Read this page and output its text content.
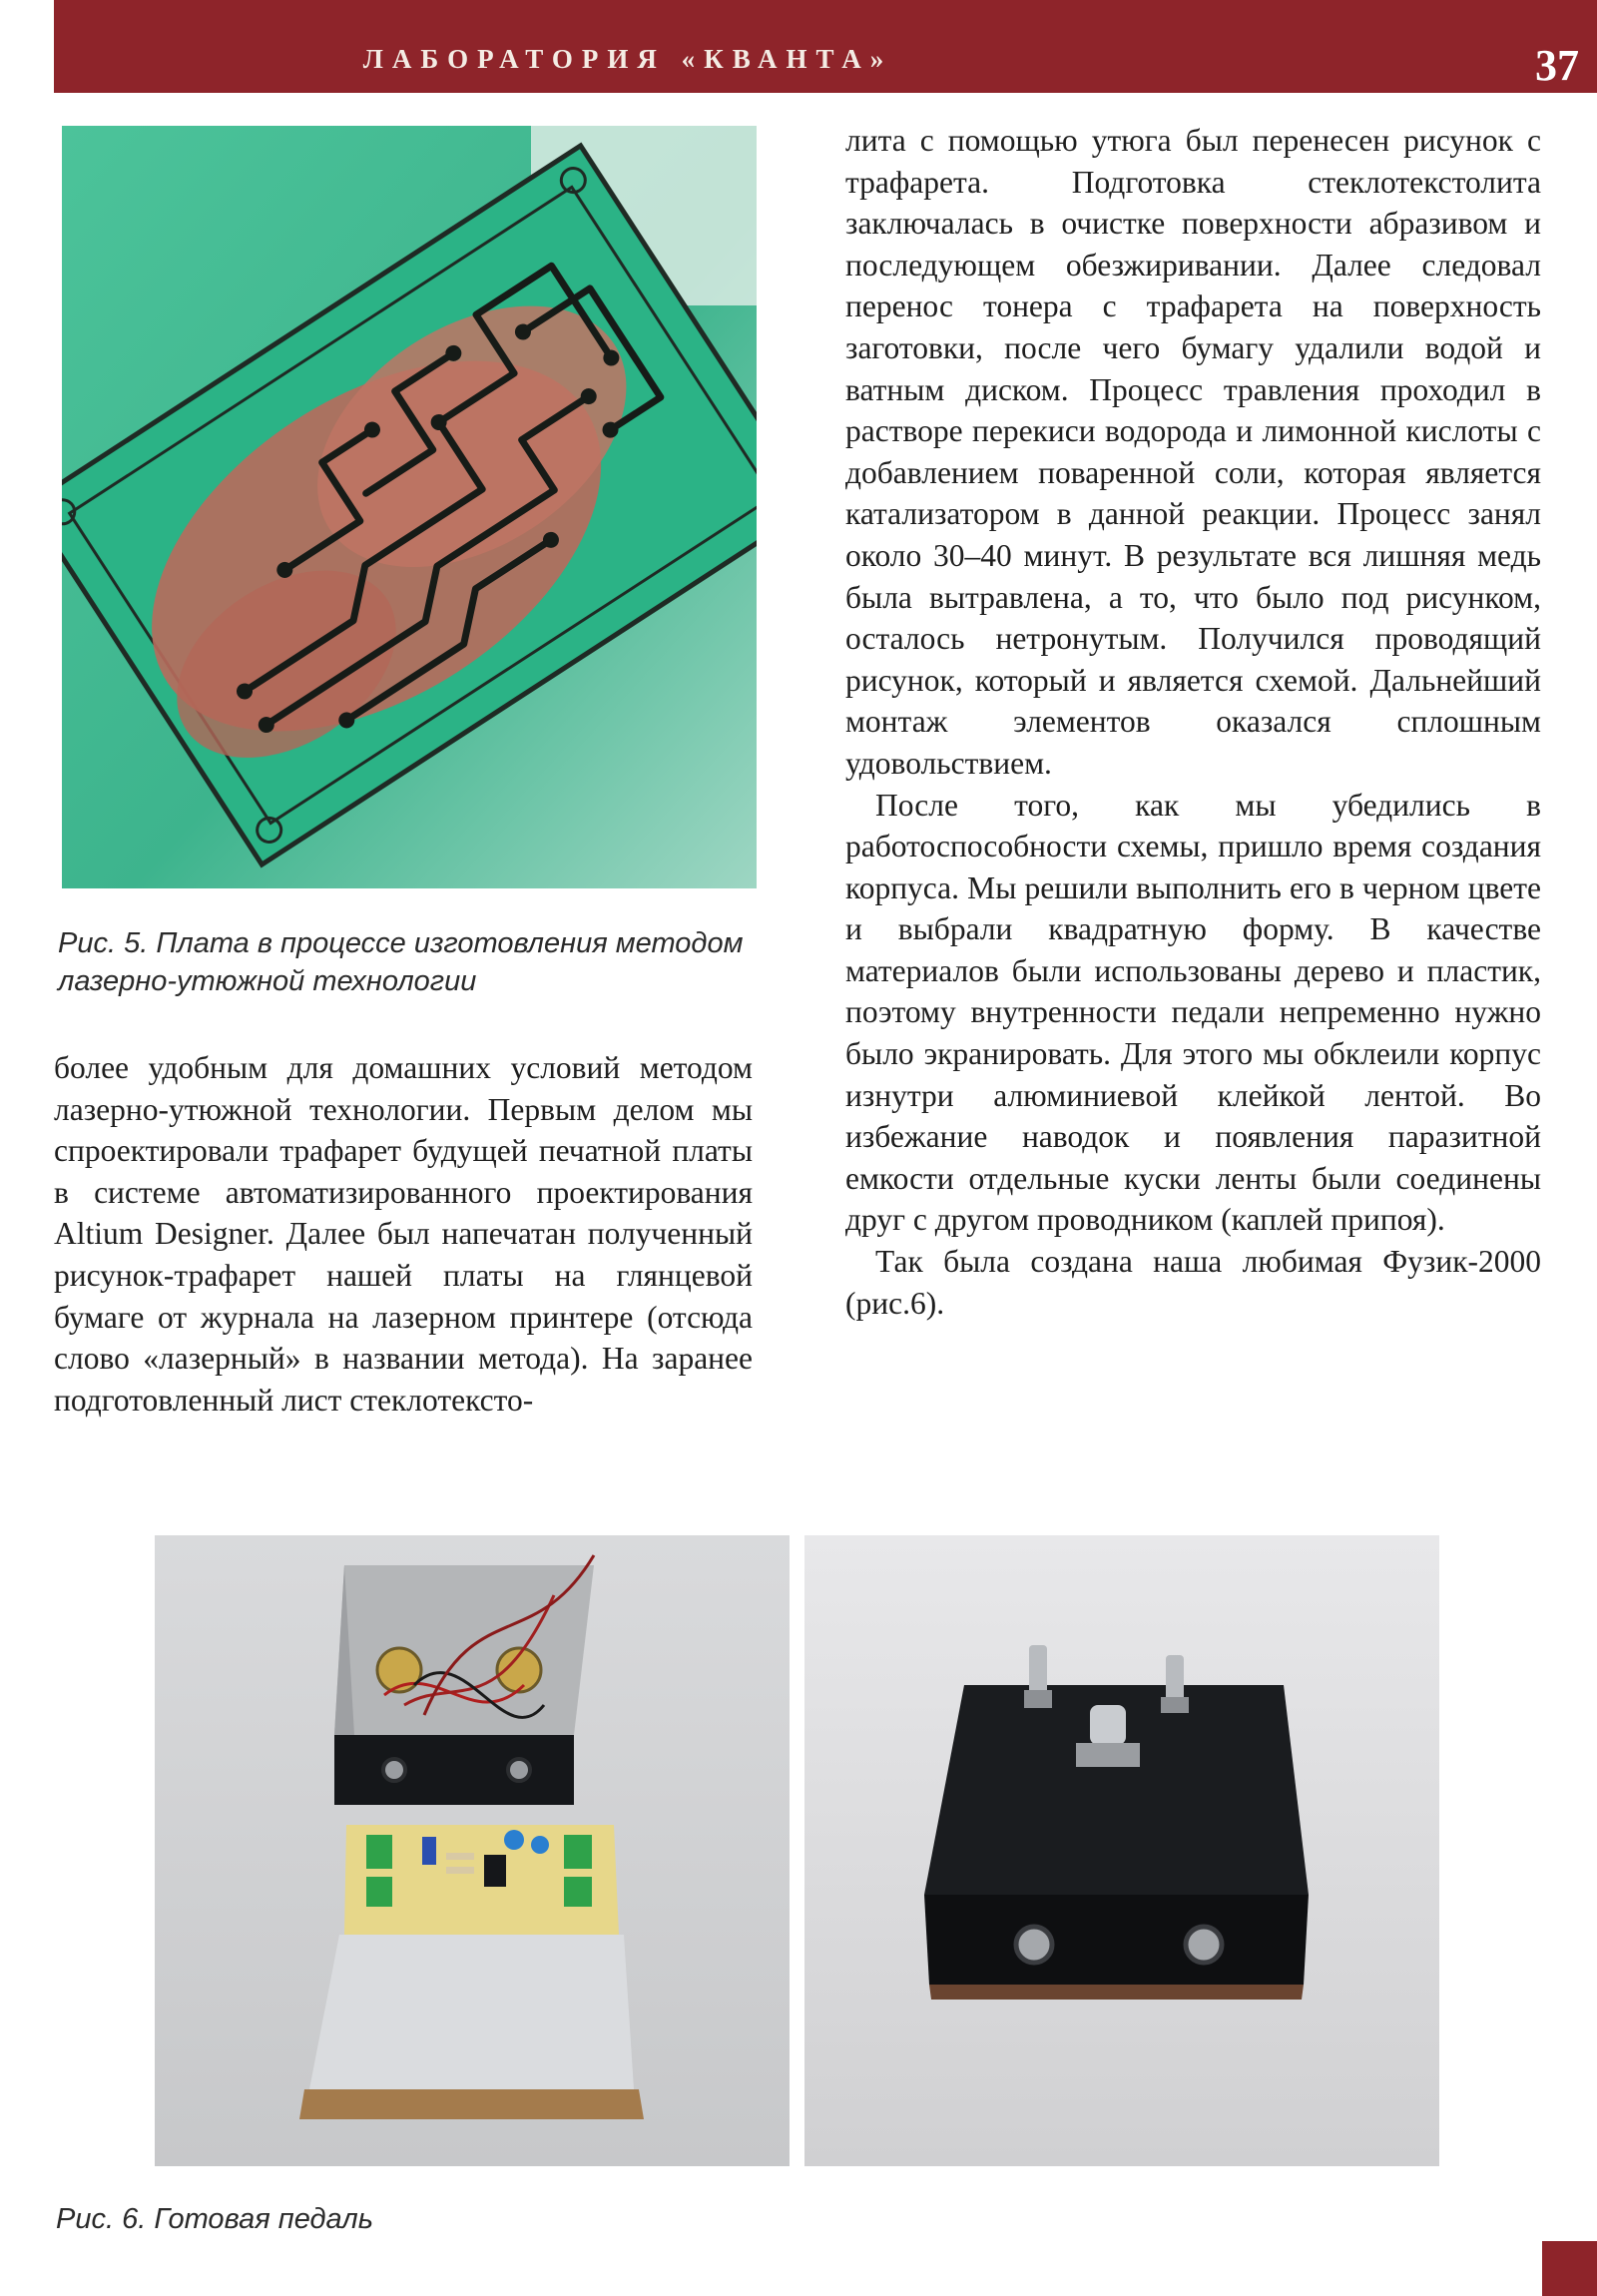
ЛАБОРАТОРИЯ «КВАНТА»	37
Рис. 5. Плата в процессе изготовления методом
лазерно-утюжной технологии

более удобным для домашних условий методом лазерно-утюжной технологии. Первым делом мы спроектировали трафарет будущей печатной платы в системе автоматизированного проектирования Altium Designer. Далее был напечатан полученный рисунок-трафарет нашей платы на глянцевой бумаге от журнала на лазерном принтере (отсюда слово «лазерный» в названии метода). На заранее подготовленный лист стеклотексто-

лита с помощью утюга был перенесен рисунок с трафарета. Подготовка стеклотекстолита заключалась в очистке поверхности абразивом и последующем обезжиривании. Далее следовал перенос тонера с трафарета на поверхность заготовки, после чего бумагу удалили водой и ватным диском. Процесс травления проходил в растворе перекиси водорода и лимонной кислоты с добавлением поваренной соли, которая является катализатором в данной реакции. Процесс занял около 30–40 минут. В результате вся лишняя медь была вытравлена, а то, что было под рисунком, осталось нетронутым. Получился проводящий рисунок, который и является схемой. Дальнейший монтаж элементов оказался сплошным удовольствием.

После того, как мы убедились в работоспособности схемы, пришло время создания корпуса. Мы решили выполнить его в черном цвете и выбрали квадратную форму. В качестве материалов были использованы дерево и пластик, поэтому внутренности педали непременно нужно было экранировать. Для этого мы обклеили корпус изнутри алюминиевой клейкой лентой. Во избежание наводок и появления паразитной емкости отдельные куски ленты были соединены друг с другом проводником (каплей припоя).

Так была создана наша любимая Фузик-2000 (рис.6).

Рис. 6. Готовая педаль
